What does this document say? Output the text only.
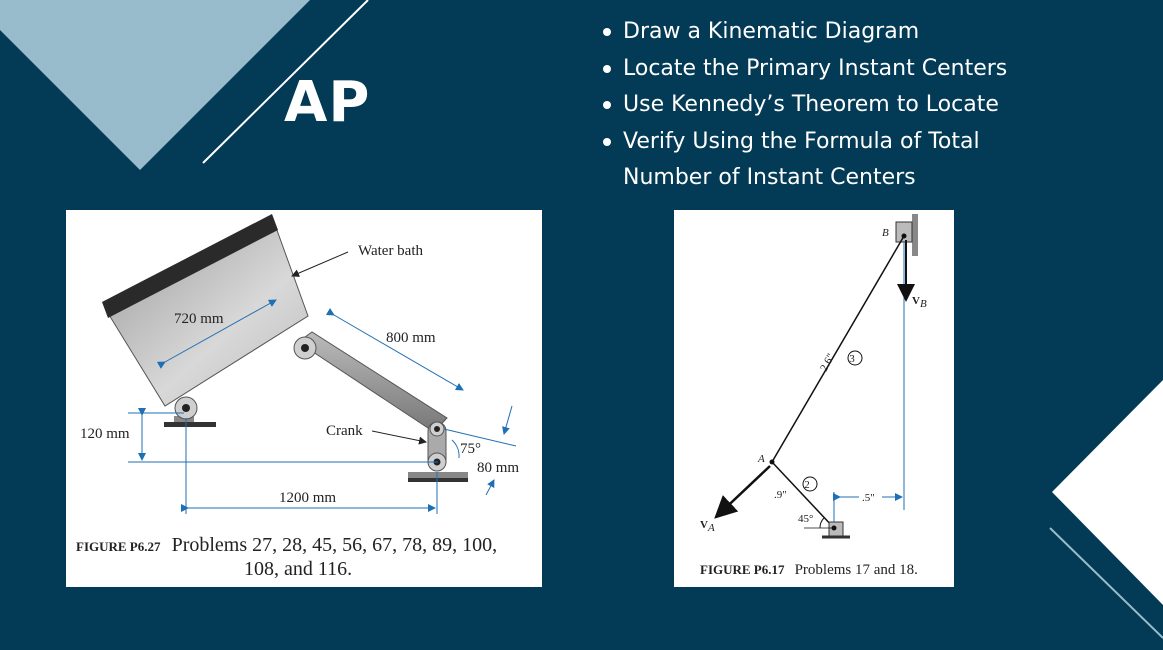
AP
Draw a Kinematic Diagram
Locate the Primary Instant Centers
Use Kennedy’s Theorem to Locate
Verify Using the Formula of Total
Number of Instant Centers
Water bath
720 mm
800 mm
120 mm	Crank
75°
80 mm
1200 mm
FIGURE P6.27 Problems 27, 28, 45, 56, 67, 78, 89, 100,
108, and 116.
B
VB
2.6" 3
A
2
.9"	.5"
45°
VA
FIGURE P6.17 Problems 17 and 18.
